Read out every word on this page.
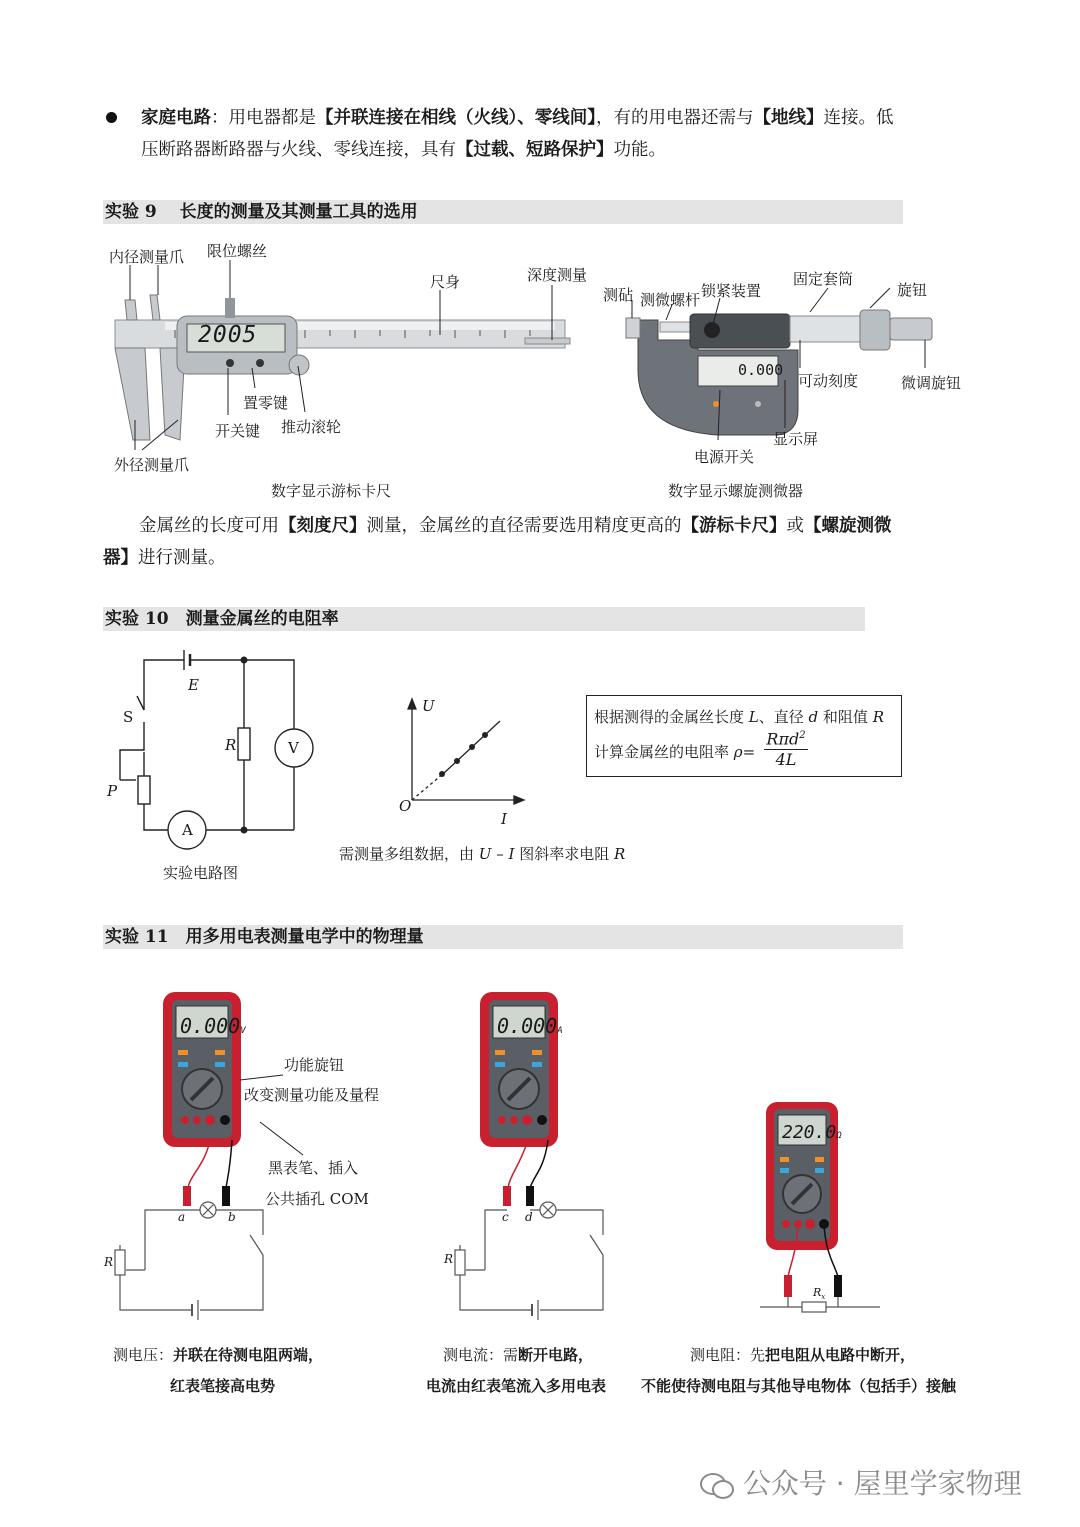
家庭电路：用电器都是【并联连接在相线（火线）、零线间】，有的用电器还需与【地线】连接。低
压断路器断路器与火线、零线连接，具有【过载、短路保护】功能。
实验 9　 长度的测量及其测量工具的选用
2005
内径测量爪 限位螺丝
尺身	深度测量
置零键
开关键 推动滚轮
外径测量爪
数字显示游标卡尺
0.000
测砧 测微螺杆 锁紧装置
固定套筒
旋钮
可动刻度	微调旋钮
显示屏
电源开关
数字显示螺旋测微器
金属丝的长度可用【刻度尺】测量，金属丝的直径需要选用精度更高的【游标卡尺】或【螺旋测微
器】进行测量。
实验 10　测量金属丝的电阻率
E
S
R	V
P
A
实验电路图
U
I
O
需测量多组数据，由 U – I 图斜率求电阻 R
根据测得的金属丝长度 L、直径 d 和阻值 R
计算金属丝的电阻率 ρ=
Rπd$^2$
4L
实验 11　用多用电表测量电学中的物理量
0.000V
a	b
R
功能旋钮
改变测量功能及量程
黑表笔、插入
公共插孔 COM
0.000A
c d
R
220.0Ω
$R_x$
测电压：并联在待测电阻两端，
红表笔接高电势
测电流：需断开电路，
电流由红表笔流入多用电表
测电阻：先把电阻从电路中断开，
不能使待测电阻与其他导电物体（包括手）接触
公众号 · 屋里学家物理
